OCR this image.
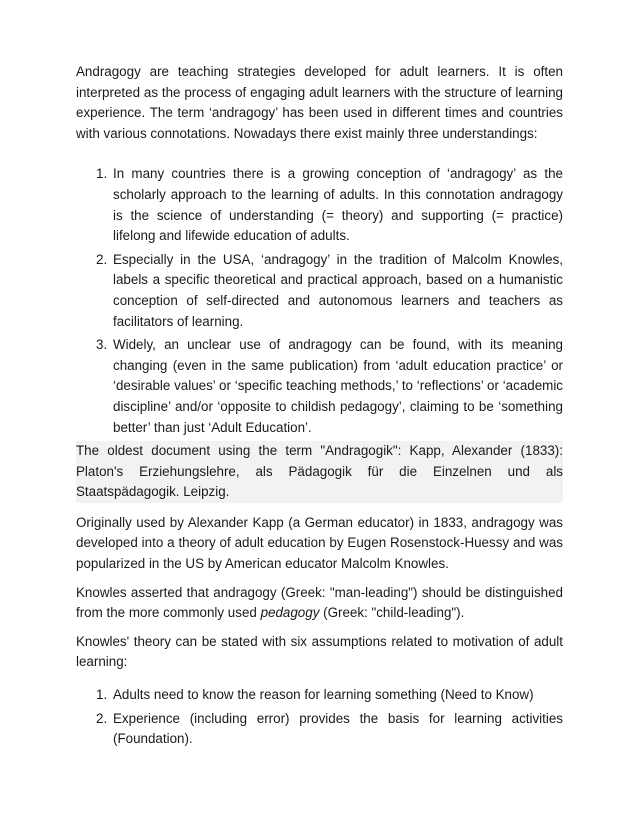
Andragogy are teaching strategies developed for adult learners. It is often interpreted as the process of engaging adult learners with the structure of learning experience. The term ‘andragogy’ has been used in different times and countries with various connotations. Nowadays there exist mainly three understandings:

1. In many countries there is a growing conception of ‘andragogy’ as the scholarly approach to the learning of adults. In this connotation andragogy is the science of understanding (= theory) and supporting (= practice) lifelong and lifewide education of adults.
2. Especially in the USA, ‘andragogy’ in the tradition of Malcolm Knowles, labels a specific theoretical and practical approach, based on a humanistic conception of self-directed and autonomous learners and teachers as facilitators of learning.
3. Widely, an unclear use of andragogy can be found, with its meaning changing (even in the same publication) from ‘adult education practice’ or ‘desirable values’ or ‘specific teaching methods,’ to ‘reflections’ or ‘academic discipline’ and/or ‘opposite to childish pedagogy’, claiming to be ‘something better’ than just ‘Adult Education’.

The oldest document using the term "Andragogik": Kapp, Alexander (1833): Platon's Erziehungslehre, als Pädagogik für die Einzelnen und als Staatspädagogik. Leipzig.

Originally used by Alexander Kapp (a German educator) in 1833, andragogy was developed into a theory of adult education by Eugen Rosenstock-Huessy and was popularized in the US by American educator Malcolm Knowles.

Knowles asserted that andragogy (Greek: "man-leading") should be distinguished from the more commonly used pedagogy (Greek: "child-leading").

Knowles' theory can be stated with six assumptions related to motivation of adult learning:

1. Adults need to know the reason for learning something (Need to Know)
2. Experience (including error) provides the basis for learning activities (Foundation).
